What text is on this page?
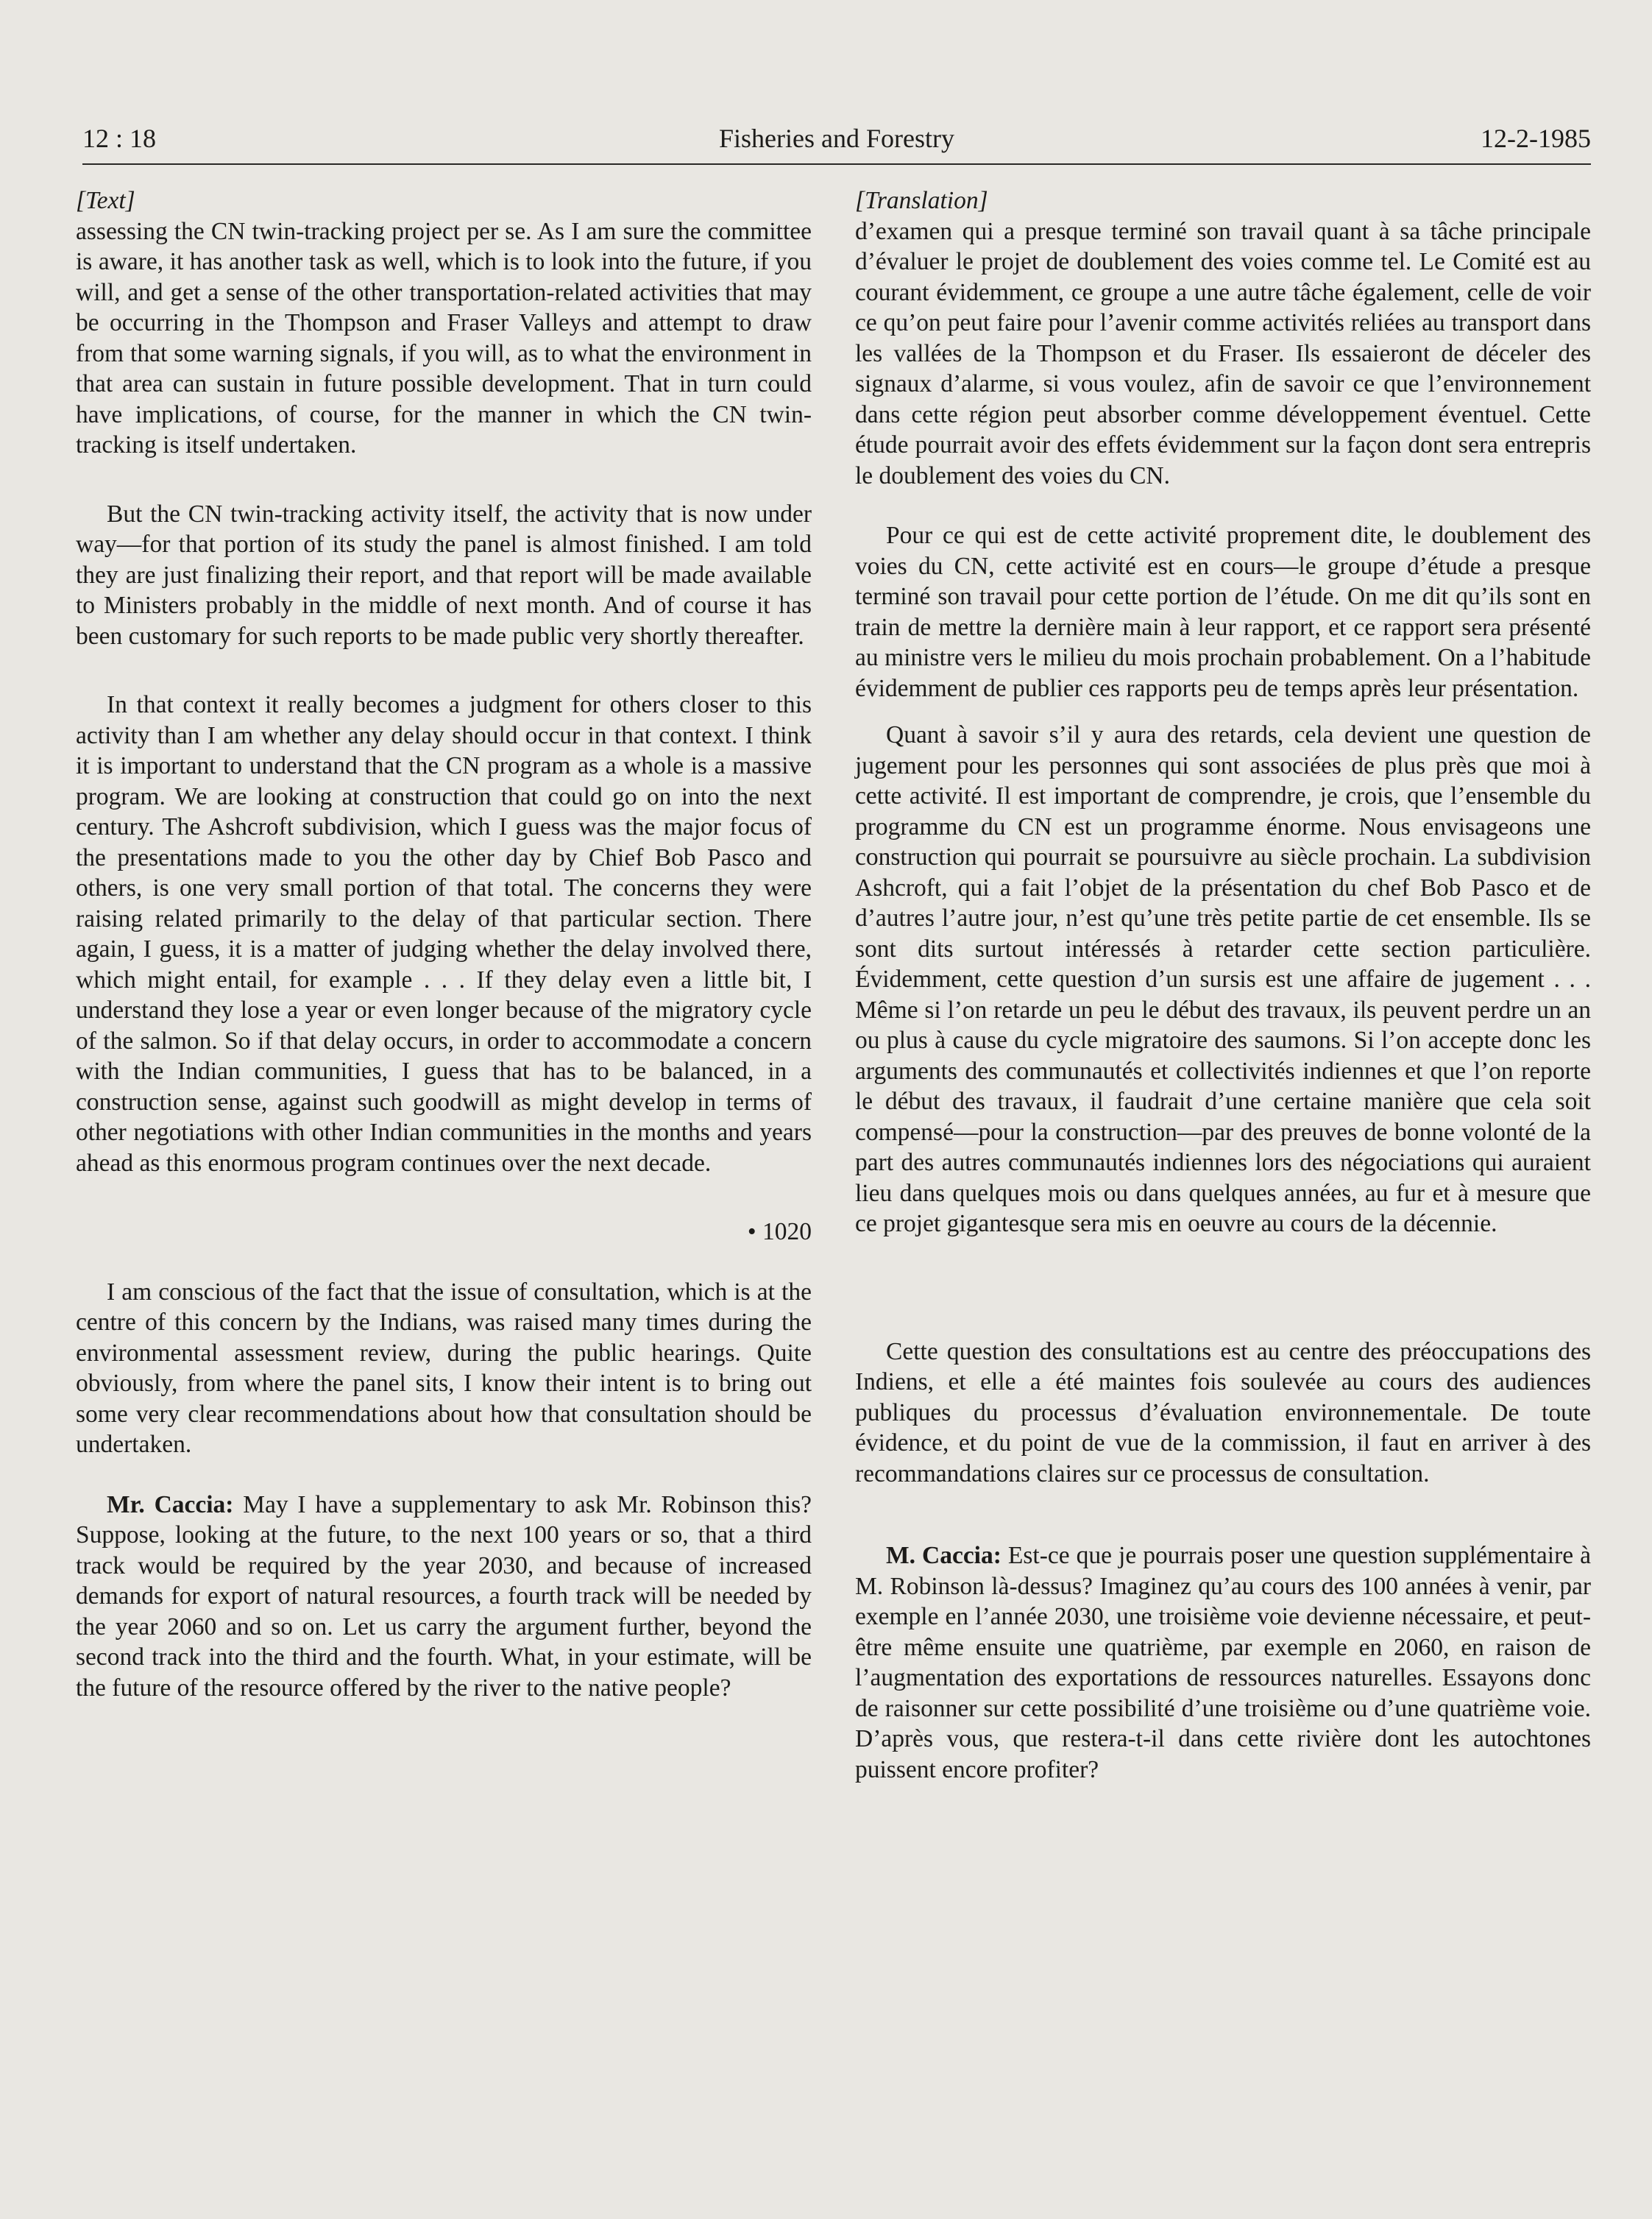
12 : 18	Fisheries and Forestry	12-2-1985

[Text]

assessing the CN twin-tracking project per se. As I am sure the committee is aware, it has another task as well, which is to look into the future, if you will, and get a sense of the other transportation-related activities that may be occurring in the Thompson and Fraser Valleys and attempt to draw from that some warning signals, if you will, as to what the environment in that area can sustain in future possible development. That in turn could have implications, of course, for the manner in which the CN twin-tracking is itself undertaken.

But the CN twin-tracking activity itself, the activity that is now under way—for that portion of its study the panel is almost finished. I am told they are just finalizing their report, and that report will be made available to Ministers probably in the middle of next month. And of course it has been customary for such reports to be made public very shortly thereafter.

In that context it really becomes a judgment for others closer to this activity than I am whether any delay should occur in that context. I think it is important to understand that the CN program as a whole is a massive program. We are looking at construction that could go on into the next century. The Ashcroft subdivision, which I guess was the major focus of the presentations made to you the other day by Chief Bob Pasco and others, is one very small portion of that total. The concerns they were raising related primarily to the delay of that particular section. There again, I guess, it is a matter of judging whether the delay involved there, which might entail, for example . . . If they delay even a little bit, I understand they lose a year or even longer because of the migratory cycle of the salmon. So if that delay occurs, in order to accommodate a concern with the Indian communities, I guess that has to be balanced, in a construction sense, against such goodwill as might develop in terms of other negotiations with other Indian communities in the months and years ahead as this enormous program continues over the next decade.

• 1020

I am conscious of the fact that the issue of consultation, which is at the centre of this concern by the Indians, was raised many times during the environmental assessment review, during the public hearings. Quite obviously, from where the panel sits, I know their intent is to bring out some very clear recommendations about how that consultation should be undertaken.

Mr. Caccia: May I have a supplementary to ask Mr. Robinson this? Suppose, looking at the future, to the next 100 years or so, that a third track would be required by the year 2030, and because of increased demands for export of natural resources, a fourth track will be needed by the year 2060 and so on. Let us carry the argument further, beyond the second track into the third and the fourth. What, in your estimate, will be the future of the resource offered by the river to the native people?

[Translation]

d’examen qui a presque terminé son travail quant à sa tâche principale d’évaluer le projet de doublement des voies comme tel. Le Comité est au courant évidemment, ce groupe a une autre tâche également, celle de voir ce qu’on peut faire pour l’avenir comme activités reliées au transport dans les vallées de la Thompson et du Fraser. Ils essaieront de déceler des signaux d’alarme, si vous voulez, afin de savoir ce que l’environnement dans cette région peut absorber comme développement éventuel. Cette étude pourrait avoir des effets évidemment sur la façon dont sera entrepris le doublement des voies du CN.

Pour ce qui est de cette activité proprement dite, le doublement des voies du CN, cette activité est en cours—le groupe d’étude a presque terminé son travail pour cette portion de l’étude. On me dit qu’ils sont en train de mettre la dernière main à leur rapport, et ce rapport sera présenté au ministre vers le milieu du mois prochain probablement. On a l’habitude évidemment de publier ces rapports peu de temps après leur présentation.

Quant à savoir s’il y aura des retards, cela devient une question de jugement pour les personnes qui sont associées de plus près que moi à cette activité. Il est important de comprendre, je crois, que l’ensemble du programme du CN est un programme énorme. Nous envisageons une construction qui pourrait se poursuivre au siècle prochain. La subdivision Ashcroft, qui a fait l’objet de la présentation du chef Bob Pasco et de d’autres l’autre jour, n’est qu’une très petite partie de cet ensemble. Ils se sont dits surtout intéressés à retarder cette section particulière. Évidemment, cette question d’un sursis est une affaire de jugement . . . Même si l’on retarde un peu le début des travaux, ils peuvent perdre un an ou plus à cause du cycle migratoire des saumons. Si l’on accepte donc les arguments des communautés et collectivités indiennes et que l’on reporte le début des travaux, il faudrait d’une certaine manière que cela soit compensé—pour la construction—par des preuves de bonne volonté de la part des autres communautés indiennes lors des négociations qui auraient lieu dans quelques mois ou dans quelques années, au fur et à mesure que ce projet gigantesque sera mis en oeuvre au cours de la décennie.

Cette question des consultations est au centre des préoccupations des Indiens, et elle a été maintes fois soulevée au cours des audiences publiques du processus d’évaluation environnementale. De toute évidence, et du point de vue de la commission, il faut en arriver à des recommandations claires sur ce processus de consultation.

M. Caccia: Est-ce que je pourrais poser une question supplémentaire à M. Robinson là-dessus? Imaginez qu’au cours des 100 années à venir, par exemple en l’année 2030, une troisième voie devienne nécessaire, et peut-être même ensuite une quatrième, par exemple en 2060, en raison de l’augmentation des exportations de ressources naturelles. Essayons donc de raisonner sur cette possibilité d’une troisième ou d’une quatrième voie. D’après vous, que restera-t-il dans cette rivière dont les autochtones puissent encore profiter?
